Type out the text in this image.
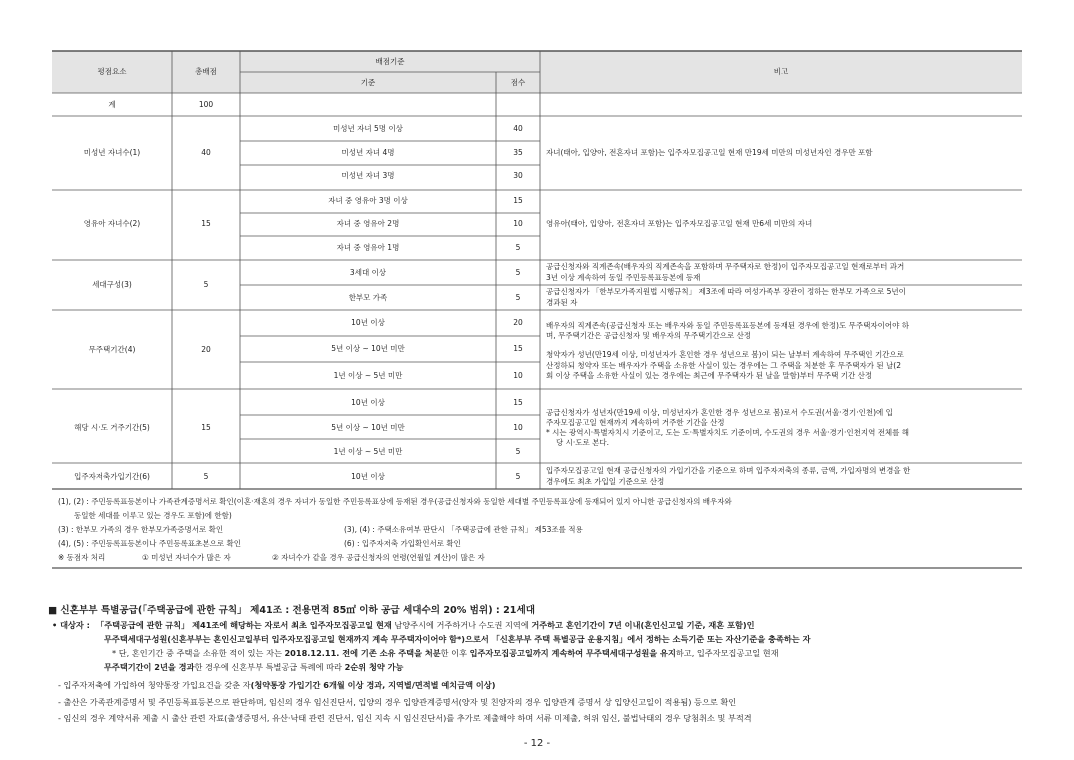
평점요소	총배점
배점기준
기준	점수
비고
계	100
미성년 자녀수(1)	40
미성년 자녀 5명 이상	40
미성년 자녀 4명	35
미성년 자녀 3명	30
자녀(태아, 입양아, 전혼자녀 포함)는 입주자모집공고일 현재 만19세 미만의 미성년자인 경우만 포함
영유아 자녀수(2)	15
자녀 중 영유아 3명 이상	15
자녀 중 영유아 2명	10
자녀 중 영유아 1명	5
영유아(태아, 입양아, 전혼자녀 포함)는 입주자모집공고일 현재 만6세 미만의 자녀
세대구성(3)	5
3세대 이상	5
공급신청자와 직계존속(배우자의 직계존속을 포함하며 무주택자로 한정)이 입주자모집공고일 현재로부터 과거
3년 이상 계속하여 동일 주민등록표등본에 등재
한부모 가족	5
공급신청자가 「한부모가족지원법 시행규칙」 제3조에 따라 여성가족부 장관이 정하는 한부모 가족으로 5년이
경과된 자
무주택기간(4)	20
10년 이상	20
5년 이상 ~ 10년 미만	15
1년 이상 ~ 5년 미만	10
배우자의 직계존속(공급신청자 또는 배우자와 동일 주민등록표등본에 등재된 경우에 한정)도 무주택자이어야 하
며, 무주택기간은 공급신청자 및 배우자의 무주택기간으로 산정
청약자가 성년(만19세 이상, 미성년자가 혼인한 경우 성년으로 봄)이 되는 날부터 계속하여 무주택인 기간으로
산정하되 청약자 또는 배우자가 주택을 소유한 사실이 있는 경우에는 그 주택을 처분한 후 무주택자가 된 날(2
회 이상 주택을 소유한 사실이 있는 경우에는 최근에 무주택자가 된 날을 말함)부터 무주택 기간 산정
해당 시·도 거주기간(5)	15
10년 이상	15
5년 이상 ~ 10년 미만	10
1년 이상 ~ 5년 미만	5
공급신청자가 성년자(만19세 이상, 미성년자가 혼인한 경우 성년으로 봄)로서 수도권(서울·경기·인천)에 입
주자모집공고일 현재까지 계속하여 거주한 기간을 산정
* 시는 광역시·특별자치시 기준이고, 도는 도·특별자치도 기준이며, 수도권의 경우 서울·경기·인천지역 전체를 해
당 시·도로 본다.
입주자저축가입기간(6)	5	10년 이상	5
입주자모집공고일 현재 공급신청자의 가입기간을 기준으로 하며 입주자저축의 종류, 금액, 가입자명의 변경을 한
경우에도 최초 가입일 기준으로 산정
(1), (2) : 주민등록표등본이나 가족관계증명서로 확인(이혼·재혼의 경우 자녀가 동일한 주민등록표상에 등재된 경우(공급신청자와 동일한 세대별 주민등록표상에 등재되어 있지 아니한 공급신청자의 배우자와
동일한 세대를 이루고 있는 경우도 포함)에 한함)
(3) : 한부모 가족의 경우 한부모가족증명서로 확인	(3), (4) : 주택소유여부 판단시 「주택공급에 관한 규칙」 제53조를 적용
(4), (5) : 주민등록표등본이나 주민등록표초본으로 확인	(6) : 입주자저축 가입확인서로 확인
※ 동점자 처리	① 미성년 자녀수가 많은 자	② 자녀수가 같을 경우 공급신청자의 연령(연월일 계산)이 많은 자
■ 신혼부부 특별공급(「주택공급에 관한 규칙」 제41조 : 전용면적 85㎡ 이하 공급 세대수의 20% 범위) : 21세대
• 대상자 : 「주택공급에 관한 규칙」 제41조에 해당하는 자로서 최초 입주자모집공고일 현재 남양주시에 거주하거나 수도권 지역에 거주하고 혼인기간이 7년 이내(혼인신고일 기준, 재혼 포함)인
무주택세대구성원(신혼부부는 혼인신고일부터 입주자모집공고일 현재까지 계속 무주택자이어야 함*)으로서 「신혼부부 주택 특별공급 운용지침」에서 정하는 소득기준 또는 자산기준을 충족하는 자
* 단, 혼인기간 중 주택을 소유한 적이 있는 자는 2018.12.11. 전에 기존 소유 주택을 처분한 이후 입주자모집공고일까지 계속하여 무주택세대구성원을 유지하고, 입주자모집공고일 현재
무주택기간이 2년을 경과한 경우에 신혼부부 특별공급 특례에 따라 2순위 청약 가능
- 입주자저축에 가입하여 청약통장 가입요건을 갖춘 자(청약통장 가입기간 6개월 이상 경과, 지역별/면적별 예치금액 이상)
- 출산은 가족관계증명서 및 주민등록표등본으로 판단하며, 임신의 경우 임신진단서, 입양의 경우 입양관계증명서(양자 및 친양자의 경우 입양관계 증명서 상 입양신고일이 적용됨) 등으로 확인
- 임신의 경우 계약서류 제출 시 출산 관련 자료(출생증명서, 유산·낙태 관련 진단서, 임신 지속 시 임신진단서)를 추가로 제출해야 하며 서류 미제출, 허위 임신, 불법낙태의 경우 당첨취소 및 부적격
- 12 -
